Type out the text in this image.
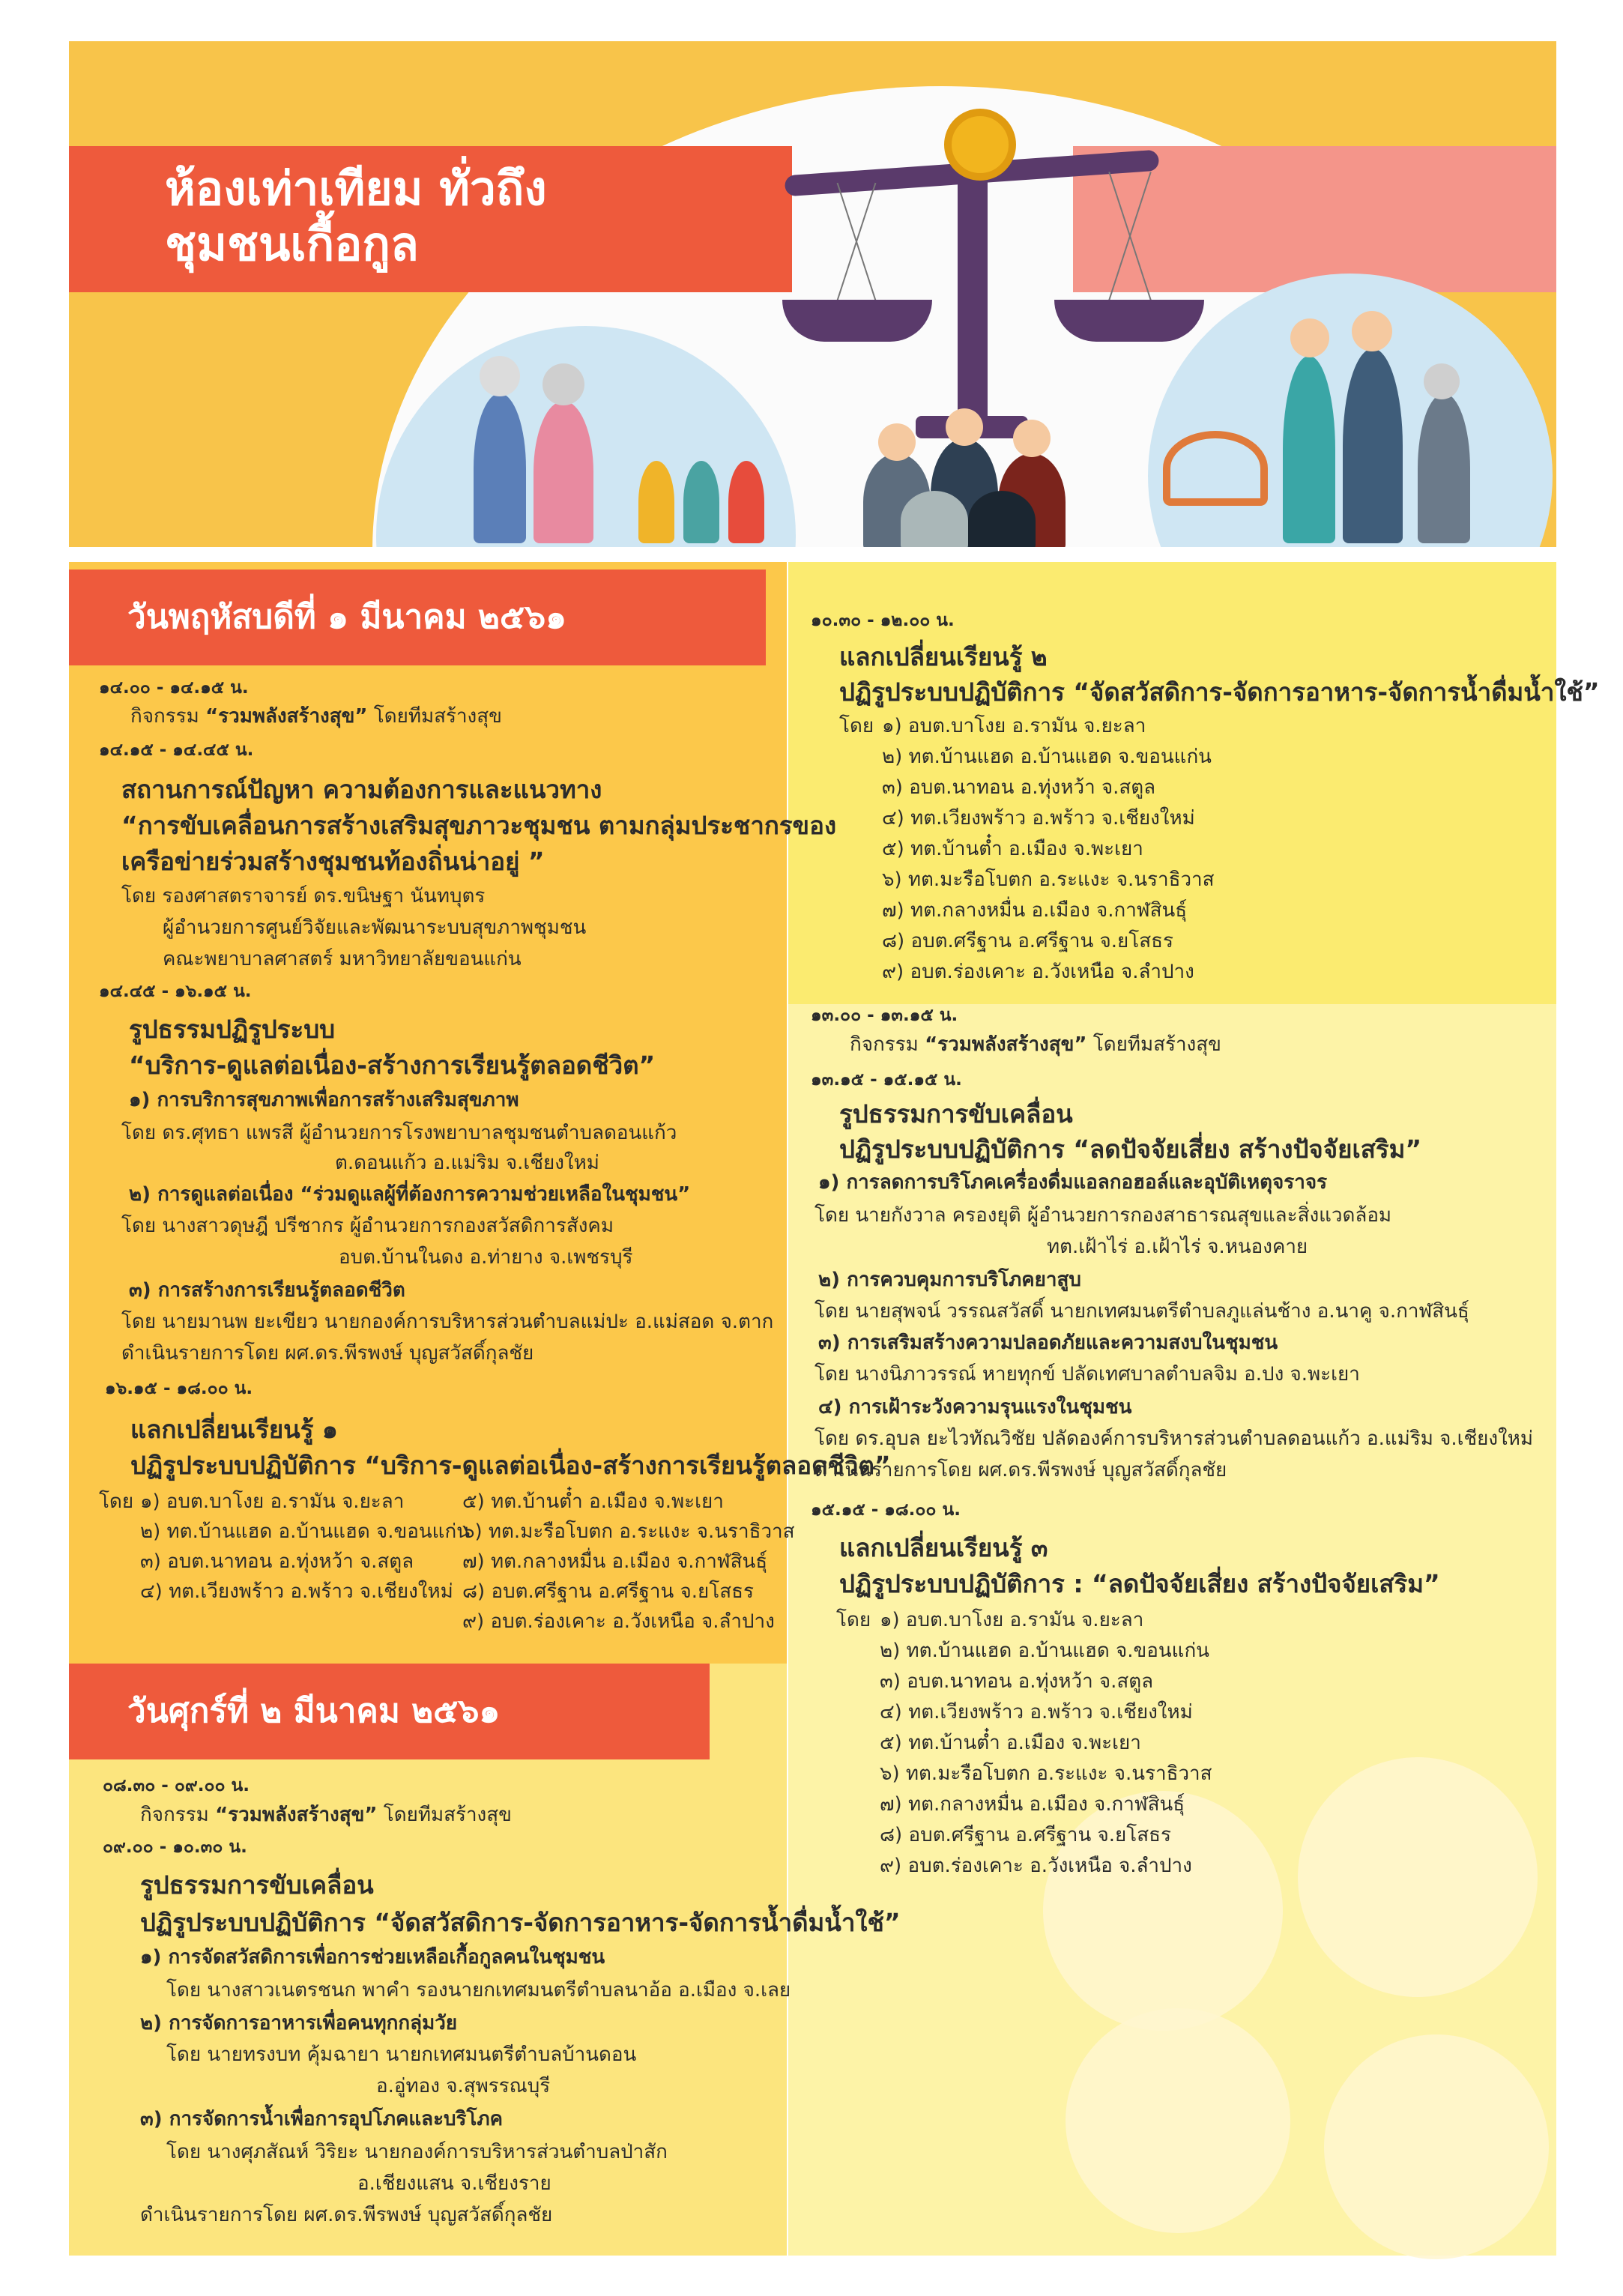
ห้องเท่าเทียม ทั่วถึง
ชุมชนเกื้อกูล
วันพฤหัสบดีที่ ๑ มีนาคม ๒๕๖๑
๑๔.๐๐ - ๑๔.๑๕ น.
กิจกรรม “รวมพลังสร้างสุข” โดยทีมสร้างสุข
๑๔.๑๕ - ๑๔.๔๕ น.
สถานการณ์ปัญหา ความต้องการและแนวทาง
“การขับเคลื่อนการสร้างเสริมสุขภาวะชุมชน ตามกลุ่มประชากรของ
เครือข่ายร่วมสร้างชุมชนท้องถิ่นน่าอยู่ ”
โดย รองศาสตราจารย์ ดร.ขนิษฐา นันทบุตร
ผู้อำนวยการศูนย์วิจัยและพัฒนาระบบสุขภาพชุมชน
คณะพยาบาลศาสตร์ มหาวิทยาลัยขอนแก่น
๑๔.๔๕ - ๑๖.๑๕ น.
รูปธรรมปฏิรูประบบ
“บริการ-ดูแลต่อเนื่อง-สร้างการเรียนรู้ตลอดชีวิต”
๑) การบริการสุขภาพเพื่อการสร้างเสริมสุขภาพ
โดย ดร.ศุทธา แพรสี ผู้อำนวยการโรงพยาบาลชุมชนตำบลดอนแก้ว
ต.ดอนแก้ว อ.แม่ริม จ.เชียงใหม่
๒) การดูแลต่อเนื่อง “ร่วมดูแลผู้ที่ต้องการความช่วยเหลือในชุมชน”
โดย นางสาวดุษฎี ปรีชากร ผู้อำนวยการกองสวัสดิการสังคม
อบต.บ้านในดง อ.ท่ายาง จ.เพชรบุรี
๓) การสร้างการเรียนรู้ตลอดชีวิต
โดย นายมานพ ยะเขียว นายกองค์การบริหารส่วนตำบลแม่ปะ อ.แม่สอด จ.ตาก
ดำเนินรายการโดย ผศ.ดร.พีรพงษ์ บุญสวัสดิ์กุลชัย
๑๖.๑๕ - ๑๘.๐๐ น.
แลกเปลี่ยนเรียนรู้ ๑
ปฏิรูประบบปฏิบัติการ “บริการ-ดูแลต่อเนื่อง-สร้างการเรียนรู้ตลอดชีวิต”
โดย ๑) อบต.บาโงย อ.รามัน จ.ยะลา
๒) ทต.บ้านแฮด อ.บ้านแฮด จ.ขอนแก่น
๓) อบต.นาทอน อ.ทุ่งหว้า จ.สตูล
๔) ทต.เวียงพร้าว อ.พร้าว จ.เชียงใหม่
๕) ทต.บ้านต๋ำ อ.เมือง จ.พะเยา
๖) ทต.มะรือโบตก อ.ระแงะ จ.นราธิวาส
๗) ทต.กลางหมื่น อ.เมือง จ.กาฬสินธุ์
๘) อบต.ศรีฐาน อ.ศรีฐาน จ.ยโสธร
๙) อบต.ร่องเคาะ อ.วังเหนือ จ.ลำปาง
วันศุกร์ที่ ๒ มีนาคม ๒๕๖๑
๐๘.๓๐ - ๐๙.๐๐ น.
กิจกรรม “รวมพลังสร้างสุข” โดยทีมสร้างสุข
๐๙.๐๐ - ๑๐.๓๐ น.
รูปธรรมการขับเคลื่อน
ปฏิรูประบบปฏิบัติการ “จัดสวัสดิการ-จัดการอาหาร-จัดการน้ำดื่มน้ำใช้”
๑) การจัดสวัสดิการเพื่อการช่วยเหลือเกื้อกูลคนในชุมชน
โดย นางสาวเนตรชนก พาคำ รองนายกเทศมนตรีตำบลนาอ้อ อ.เมือง จ.เลย
๒) การจัดการอาหารเพื่อคนทุกกลุ่มวัย
โดย นายทรงบท คุ้มฉายา นายกเทศมนตรีตำบลบ้านดอน
อ.อู่ทอง จ.สุพรรณบุรี
๓) การจัดการน้ำเพื่อการอุปโภคและบริโภค
โดย นางศุภสัณห์ วิริยะ นายกองค์การบริหารส่วนตำบลป่าสัก
อ.เชียงแสน จ.เชียงราย
ดำเนินรายการโดย ผศ.ดร.พีรพงษ์ บุญสวัสดิ์กุลชัย
๑๐.๓๐ - ๑๒.๐๐ น.
แลกเปลี่ยนเรียนรู้ ๒
ปฏิรูประบบปฏิบัติการ “จัดสวัสดิการ-จัดการอาหาร-จัดการน้ำดื่มน้ำใช้”
โดย ๑) อบต.บาโงย อ.รามัน จ.ยะลา
๒) ทต.บ้านแฮด อ.บ้านแฮด จ.ขอนแก่น
๓) อบต.นาทอน อ.ทุ่งหว้า จ.สตูล
๔) ทต.เวียงพร้าว อ.พร้าว จ.เชียงใหม่
๕) ทต.บ้านต๋ำ อ.เมือง จ.พะเยา
๖) ทต.มะรือโบตก อ.ระแงะ จ.นราธิวาส
๗) ทต.กลางหมื่น อ.เมือง จ.กาฬสินธุ์
๘) อบต.ศรีฐาน อ.ศรีฐาน จ.ยโสธร
๙) อบต.ร่องเคาะ อ.วังเหนือ จ.ลำปาง
๑๓.๐๐ - ๑๓.๑๕ น.
กิจกรรม “รวมพลังสร้างสุข” โดยทีมสร้างสุข
๑๓.๑๕ - ๑๕.๑๕ น.
รูปธรรมการขับเคลื่อน
ปฏิรูประบบปฏิบัติการ “ลดปัจจัยเสี่ยง สร้างปัจจัยเสริม”
๑) การลดการบริโภคเครื่องดื่มแอลกอฮอล์และอุบัติเหตุจราจร
โดย นายกังวาล ครองยุติ ผู้อำนวยการกองสาธารณสุขและสิ่งแวดล้อม
ทต.เฝ้าไร่ อ.เฝ้าไร่ จ.หนองคาย
๒) การควบคุมการบริโภคยาสูบ
โดย นายสุพจน์ วรรณสวัสดิ์ นายกเทศมนตรีตำบลภูแล่นช้าง อ.นาคู จ.กาฬสินธุ์
๓) การเสริมสร้างความปลอดภัยและความสงบในชุมชน
โดย นางนิภาวรรณ์ หายทุกข์ ปลัดเทศบาลตำบลจิม อ.ปง จ.พะเยา
๔) การเฝ้าระวังความรุนแรงในชุมชน
โดย ดร.อุบล ยะไวทัณวิชัย ปลัดองค์การบริหารส่วนตำบลดอนแก้ว อ.แม่ริม จ.เชียงใหม่
ดำเนินรายการโดย ผศ.ดร.พีรพงษ์ บุญสวัสดิ์กุลชัย
๑๕.๑๕ - ๑๘.๐๐ น.
แลกเปลี่ยนเรียนรู้ ๓
ปฏิรูประบบปฏิบัติการ : “ลดปัจจัยเสี่ยง สร้างปัจจัยเสริม”
โดย ๑) อบต.บาโงย อ.รามัน จ.ยะลา
๒) ทต.บ้านแฮด อ.บ้านแฮด จ.ขอนแก่น
๓) อบต.นาทอน อ.ทุ่งหว้า จ.สตูล
๔) ทต.เวียงพร้าว อ.พร้าว จ.เชียงใหม่
๕) ทต.บ้านต๋ำ อ.เมือง จ.พะเยา
๖) ทต.มะรือโบตก อ.ระแงะ จ.นราธิวาส
๗) ทต.กลางหมื่น อ.เมือง จ.กาฬสินธุ์
๘) อบต.ศรีฐาน อ.ศรีฐาน จ.ยโสธร
๙) อบต.ร่องเคาะ อ.วังเหนือ จ.ลำปาง
